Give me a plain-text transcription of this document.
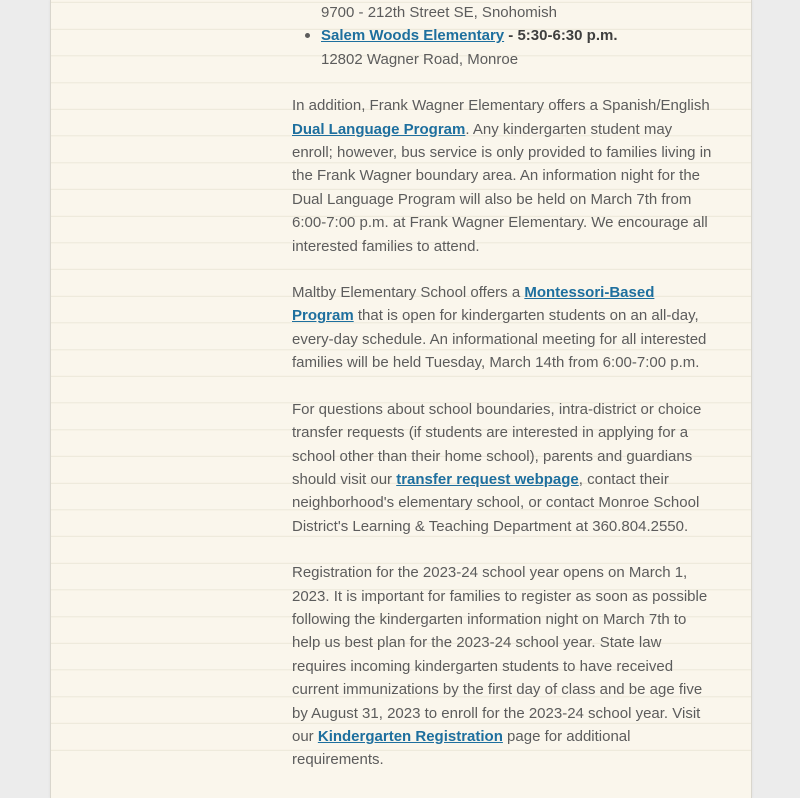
9700 - 212th Street SE, Snohomish
Salem Woods Elementary - 5:30-6:30 p.m.
12802 Wagner Road, Monroe

In addition, Frank Wagner Elementary offers a Spanish/English Dual Language Program. Any kindergarten student may enroll; however, bus service is only provided to families living in the Frank Wagner boundary area. An information night for the Dual Language Program will also be held on March 7th from 6:00-7:00 p.m. at Frank Wagner Elementary. We encourage all interested families to attend.

Maltby Elementary School offers a Montessori-Based Program that is open for kindergarten students on an all-day, every-day schedule. An informational meeting for all interested families will be held Tuesday, March 14th from 6:00-7:00 p.m.

For questions about school boundaries, intra-district or choice transfer requests (if students are interested in applying for a school other than their home school), parents and guardians should visit our transfer request webpage, contact their neighborhood's elementary school, or contact Monroe School District's Learning & Teaching Department at 360.804.2550.

Registration for the 2023-24 school year opens on March 1, 2023. It is important for families to register as soon as possible following the kindergarten information night on March 7th to help us best plan for the 2023-24 school year. State law requires incoming kindergarten students to have received current immunizations by the first day of class and be age five by August 31, 2023 to enroll for the 2023-24 school year. Visit our Kindergarten Registration page for additional requirements.
